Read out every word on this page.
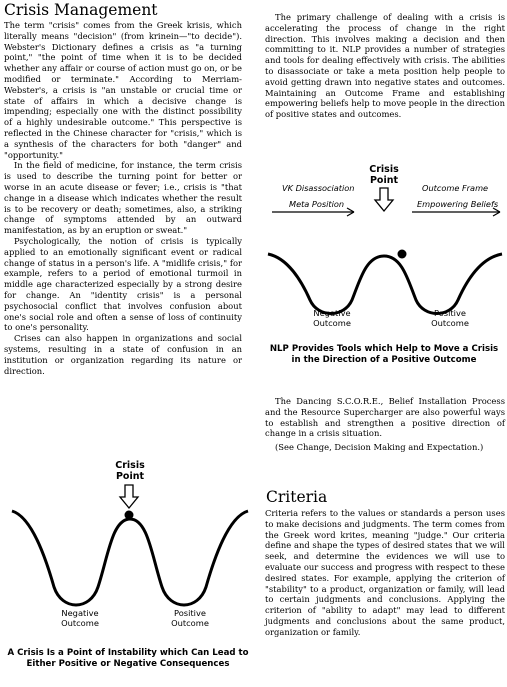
Crisis Management

The term "crisis" comes from the Greek krisis, which literally means "decision" (from krinein—"to decide"). Webster's Dictionary defines a crisis as "a turning point," "the point of time when it is to be decided whether any affair or course of action must go on, or be modified or terminate." According to Merriam-Webster's, a crisis is "an unstable or crucial time or state of affairs in which a decisive change is impending; especially one with the distinct possibility of a highly undesirable outcome." This perspective is reflected in the Chinese character for "crisis," which is a synthesis of the characters for both "danger" and "opportunity."

In the field of medicine, for instance, the term crisis is used to describe the turning point for better or worse in an acute disease or fever; i.e., crisis is "that change in a disease which indicates whether the result is to be recovery or death; sometimes, also, a striking change of symptoms attended by an outward manifestation, as by an eruption or sweat."

Psychologically, the notion of crisis is typically applied to an emotionally significant event or radical change of status in a person's life. A "midlife crisis," for example, refers to a period of emotional turmoil in middle age characterized especially by a strong desire for change. An "identity crisis" is a personal psychosocial conflict that involves confusion about one's social role and often a sense of loss of continuity to one's personality.

Crises can also happen in organizations and social systems, resulting in a state of confusion in an institution or organization regarding its nature or direction.

Crisis
Point
Negative
Outcome
Positive
Outcome
A Crisis Is a Point of Instability which Can Lead to Either Positive or Negative Consequences

The primary challenge of dealing with a crisis is accelerating the process of change in the right direction. This involves making a decision and then committing to it. NLP provides a number of strategies and tools for dealing effectively with crisis. The abilities to disassociate or take a meta position help people to avoid getting drawn into negative states and outcomes. Maintaining an Outcome Frame and establishing empowering beliefs help to move people in the direction of positive states and outcomes.

Crisis
Point
VK Disassociation
Meta Position
Outcome Frame
Empowering Beliefs
Negative
Outcome
Positive
Outcome
NLP Provides Tools which Help to Move a Crisis in the Direction of a Positive Outcome

The Dancing S.C.O.R.E., Belief Installation Process and the Resource Supercharger are also powerful ways to establish and strengthen a positive direction of change in a crisis situation.

(See Change, Decision Making and Expectation.)

Criteria

Criteria refers to the values or standards a person uses to make decisions and judgments. The term comes from the Greek word krites, meaning "judge." Our criteria define and shape the types of desired states that we will seek, and determine the evidences we will use to evaluate our success and progress with respect to these desired states. For example, applying the criterion of "stability" to a product, organization or family, will lead to certain judgments and conclusions. Applying the criterion of "ability to adapt" may lead to different judgments and conclusions about the same product, organization or family.
